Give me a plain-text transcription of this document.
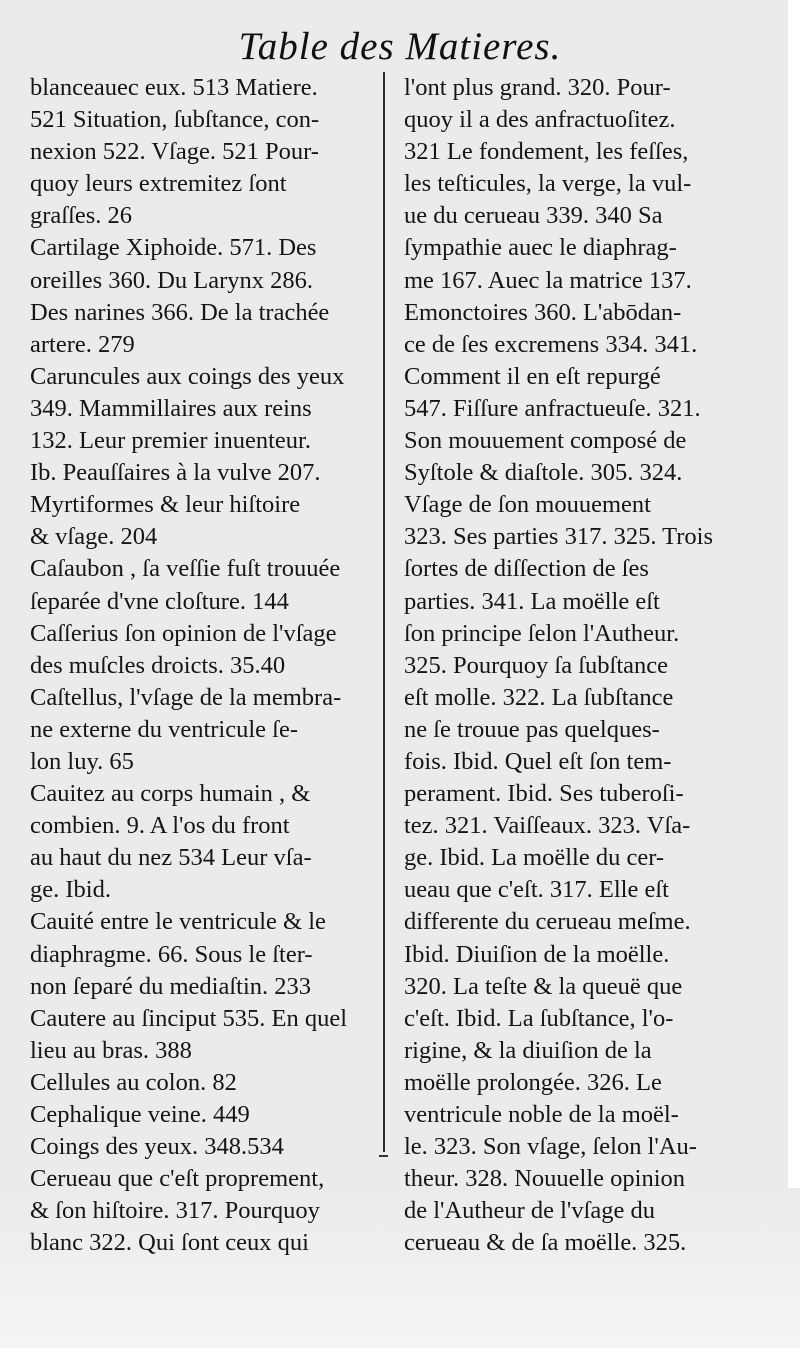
Table des Matieres.
blanceauec eux. 513 Matiere.
521 Situation, ſubſtance, con-
nexion 522. Vſage. 521 Pour-
quoy leurs extremitez ſont
graſſes. 26
Cartilage Xiphoide. 571. Des
oreilles 360. Du Larynx 286.
Des narines 366. De la trachée
artere. 279
Caruncules aux coings des yeux
349. Mammillaires aux reins
132. Leur premier inuenteur.
Ib. Peauſſaires à la vulve 207.
Myrtiformes & leur hiſtoire
& vſage. 204
Caſaubon , ſa veſſie fuſt trouuée
ſeparée d'vne cloſture. 144
Caſſerius ſon opinion de l'vſage
des muſcles droicts. 35.40
Caſtellus, l'vſage de la membra-
ne externe du ventricule ſe-
lon luy. 65
Cauitez au corps humain , &
combien. 9. A l'os du front
au haut du nez 534 Leur vſa-
ge. Ibid.
Cauité entre le ventricule & le
diaphragme. 66. Sous le ſter-
non ſeparé du mediaſtin. 233
Cautere au ſinciput 535. En quel
lieu au bras. 388
Cellules au colon. 82
Cephalique veine. 449
Coings des yeux. 348.534
Cerueau que c'eſt proprement,
& ſon hiſtoire. 317. Pourquoy
blanc 322. Qui ſont ceux qui
l'ont plus grand. 320. Pour-
quoy il a des anfractuoſitez.
321 Le fondement, les feſſes,
les teſticules, la verge, la vul-
ue du cerueau 339. 340 Sa
ſympathie auec le diaphrag-
me 167. Auec la matrice 137.
Emonctoires 360. L'abōdan-
ce de ſes excremens 334. 341.
Comment il en eſt repurgé
547. Fiſſure anfractueuſe. 321.
Son mouuement composé de
Syſtole & diaſtole. 305. 324.
Vſage de ſon mouuement
323. Ses parties 317. 325. Trois
ſortes de diſſection de ſes
parties. 341. La moëlle eſt
ſon principe ſelon l'Autheur.
325. Pourquoy ſa ſubſtance
eſt molle. 322. La ſubſtance
ne ſe trouue pas quelques-
fois. Ibid. Quel eſt ſon tem-
perament. Ibid. Ses tuberoſi-
tez. 321. Vaiſſeaux. 323. Vſa-
ge. Ibid. La moëlle du cer-
ueau que c'eſt. 317. Elle eſt
differente du cerueau meſme.
Ibid. Diuiſion de la moëlle.
320. La teſte & la queuë que
c'eſt. Ibid. La ſubſtance, l'o-
rigine, & la diuiſion de la
moëlle prolongée. 326. Le
ventricule noble de la moël-
le. 323. Son vſage, ſelon l'Au-
theur. 328. Nouuelle opinion
de l'Autheur de l'vſage du
cerueau & de ſa moëlle. 325.
